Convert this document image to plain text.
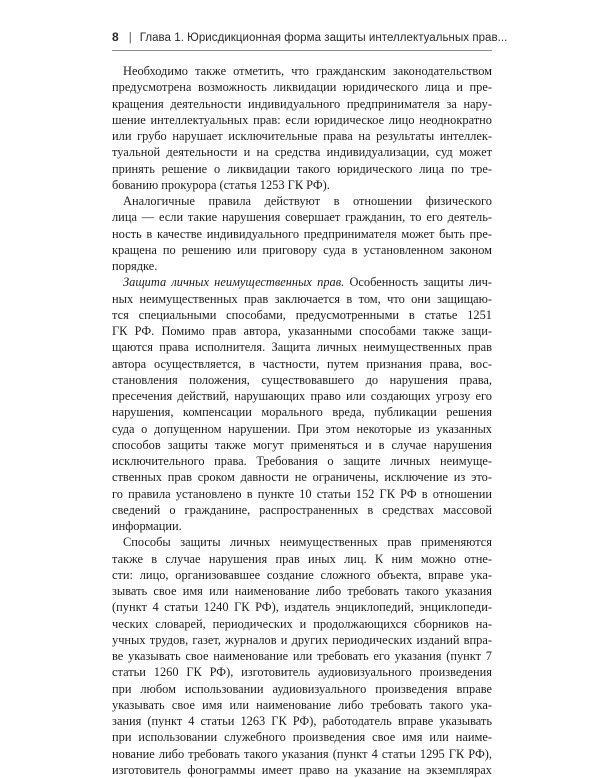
8 | Глава 1. Юрисдикционная форма защиты интеллектуальных прав...
Необходимо также отметить, что гражданским законодательством
предусмотрена возможность ликвидации юридического лица и пре-
кращения деятельности индивидуального предпринимателя за нару-
шение интеллектуальных прав: если юридическое лицо неоднократно
или грубо нарушает исключительные права на результаты интеллек-
туальной деятельности и на средства индивидуализации, суд может
принять решение о ликвидации такого юридического лица по тре-
бованию прокурора (статья 1253 ГК РФ).
Аналогичные правила действуют в отношении физического
лица — если такие нарушения совершает гражданин, то его деятель-
ность в качестве индивидуального предпринимателя может быть пре-
кращена по решению или приговору суда в установленном законом
порядке.
Защита личных неимущественных прав. Особенность защиты лич-
ных неимущественных прав заключается в том, что они защищаю-
тся специальными способами, предусмотренными в статье 1251
ГК РФ. Помимо прав автора, указанными способами также защи-
щаются права исполнителя. Защита личных неимущественных прав
автора осуществляется, в частности, путем признания права, вос-
становления положения, существовавшего до нарушения права,
пресечения действий, нарушающих право или создающих угрозу его
нарушения, компенсации морального вреда, публикации решения
суда о допущенном нарушении. При этом некоторые из указанных
способов защиты также могут применяться и в случае нарушения
исключительного права. Требования о защите личных неимуще-
ственных прав сроком давности не ограничены, исключение из это-
го правила установлено в пункте 10 статьи 152 ГК РФ в отношении
сведений о гражданине, распространенных в средствах массовой
информации.
Способы защиты личных неимущественных прав применяются
также в случае нарушения прав иных лиц. К ним можно отне-
сти: лицо, организовавшее создание сложного объекта, вправе ука-
зывать свое имя или наименование либо требовать такого указания
(пункт 4 статьи 1240 ГК РФ), издатель энциклопедий, энциклопеди-
ческих словарей, периодических и продолжающихся сборников на-
учных трудов, газет, журналов и других периодических изданий впра-
ве указывать свое наименование или требовать его указания (пункт 7
статьи 1260 ГК РФ), изготовитель аудиовизуального произведения
при любом использовании аудиовизуального произведения вправе
указывать свое имя или наименование либо требовать такого ука-
зания (пункт 4 статьи 1263 ГК РФ), работодатель вправе указывать
при использовании служебного произведения свое имя или наиме-
нование либо требовать такого указания (пункт 4 статьи 1295 ГК РФ),
изготовитель фонограммы имеет право на указание на экземплярах
